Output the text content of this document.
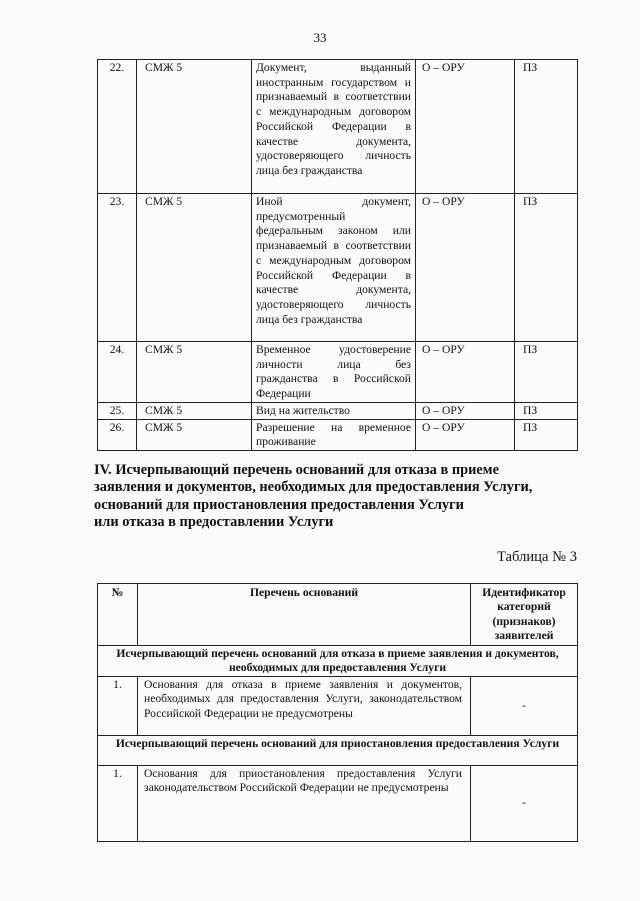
33
22.	СМЖ 5	Документ, выданный иностранным государством и признаваемый в соответствии с международным договором Российской Федерации в качестве документа, удостоверяющего личность лица без гражданства	О – ОРУ	ПЗ
23.	СМЖ 5	Иной документ, предусмотренный федеральным законом или признаваемый в соответствии с международным договором Российской Федерации в качестве документа, удостоверяющего личность лица без гражданства	О – ОРУ	ПЗ
24.	СМЖ 5	Временное удостоверение личности лица без гражданства в Российской Федерации	О – ОРУ	ПЗ
25.	СМЖ 5	Вид на жительство	О – ОРУ	ПЗ
26.	СМЖ 5	Разрешение на временное проживание	О – ОРУ	ПЗ
IV. Исчерпывающий перечень оснований для отказа в приеме
заявления и документов, необходимых для предоставления Услуги,
оснований для приостановления предоставления Услуги
или отказа в предоставлении Услуги
Таблица № 3
№	Перечень оснований	Идентификатор категорий (признаков) заявителей
Исчерпывающий перечень оснований для отказа в приеме заявления и документов, необходимых для предоставления Услуги		
1.	Основания для отказа в приеме заявления и документов, необходимых для предоставления Услуги, законодательством Российской Федерации не предусмотрены	-
Исчерпывающий перечень оснований для приостановления предоставления Услуги		
1.	Основания для приостановления предоставления Услуги законодательством Российской Федерации не предусмотрены	-
